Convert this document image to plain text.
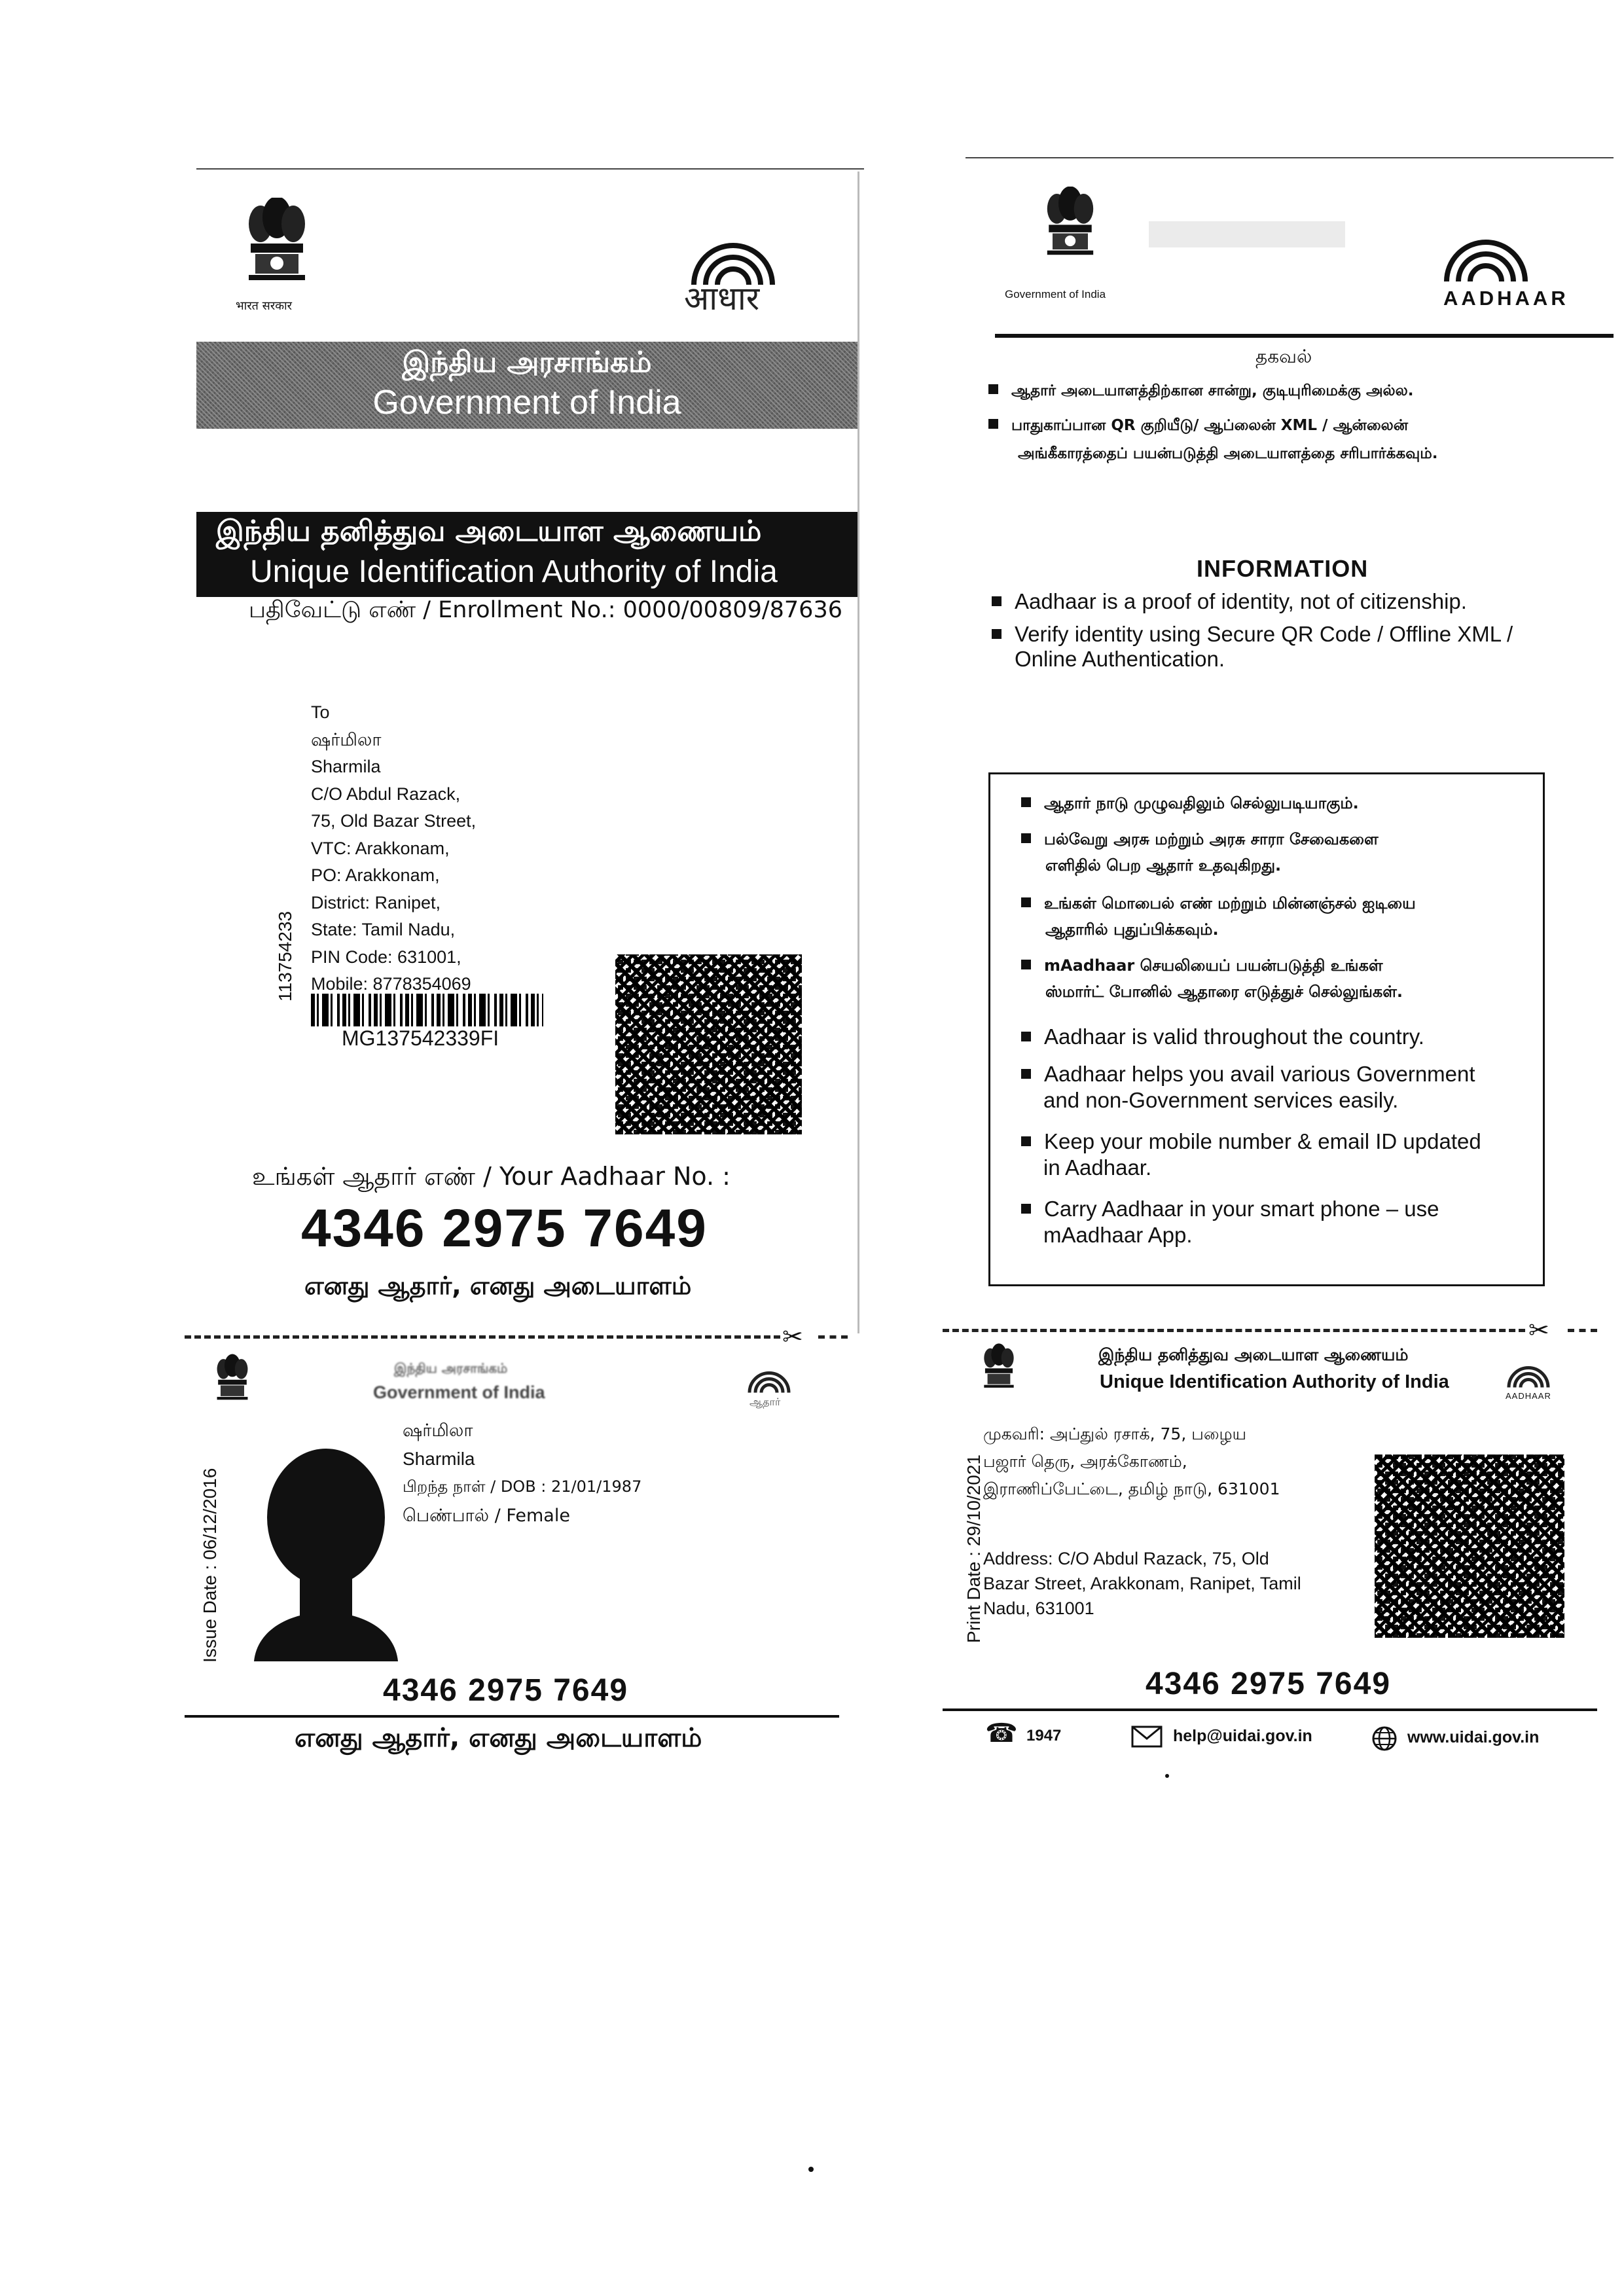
भारत सरकार	आधार
இந்திய அரசாங்கம்
Government of India
இந்திய தனித்துவ அடையாள ஆணையம்
Unique Identification Authority of India
பதிவேட்டு எண் / Enrollment No.: 0000/00809/87636
113754233
To
ஷர்மிலா
Sharmila
C/O Abdul Razack,
75, Old Bazar Street,
VTC: Arakkonam,
PO: Arakkonam,
District: Ranipet,
State: Tamil Nadu,
PIN Code: 631001,
Mobile: 8778354069
MG137542339FI
உங்கள் ஆதார் எண் / Your Aadhaar No. :
4346 2975 7649
எனது ஆதார், எனது அடையாளம்
Government of India	AADHAAR
தகவல்
ஆதார் அடையாளத்திற்கான சான்று, குடியுரிமைக்கு அல்ல.
பாதுகாப்பான QR குறியீடு/ ஆப்லைன் XML / ஆன்லைன்
அங்கீகாரத்தைப் பயன்படுத்தி அடையாளத்தை சரிபார்க்கவும்.
INFORMATION
Aadhaar is a proof of identity, not of citizenship.
Verify identity using Secure QR Code / Offline XML /
Online Authentication.
ஆதார் நாடு முழுவதிலும் செல்லுபடியாகும்.
பல்வேறு அரசு மற்றும் அரசு சாரா சேவைகளை
எளிதில் பெற ஆதார் உதவுகிறது.
உங்கள் மொபைல் எண் மற்றும் மின்னஞ்சல் ஐடியை
ஆதாரில் புதுப்பிக்கவும்.
mAadhaar செயலியைப் பயன்படுத்தி உங்கள்
ஸ்மார்ட் போனில் ஆதாரை எடுத்துச் செல்லுங்கள்.
Aadhaar is valid throughout the country.
Aadhaar helps you avail various Government
and non-Government services easily.
Keep your mobile number & email ID updated
in Aadhaar.
Carry Aadhaar in your smart phone – use
mAadhaar App.
✂	✂
இந்திய அரசாங்கம்
Government of India	ஆதார்
Issue Date : 06/12/2016
ஷர்மிலா
Sharmila
பிறந்த நாள் / DOB : 21/01/1987
பெண்பால் / Female
4346 2975 7649
எனது ஆதார், எனது அடையாளம்
இந்திய தனித்துவ அடையாள ஆணையம்
Unique Identification Authority of India
AADHAAR
Print Date : 29/10/2021
முகவரி: அப்துல் ரசாக், 75, பழைய
பஜார் தெரு, அரக்கோணம்,
இராணிப்பேட்டை, தமிழ் நாடு, 631001
Address: C/O Abdul Razack, 75, Old
Bazar Street, Arakkonam, Ranipet, Tamil
Nadu, 631001
4346 2975 7649
☎ 1947	help@uidai.gov.in	www.uidai.gov.in
